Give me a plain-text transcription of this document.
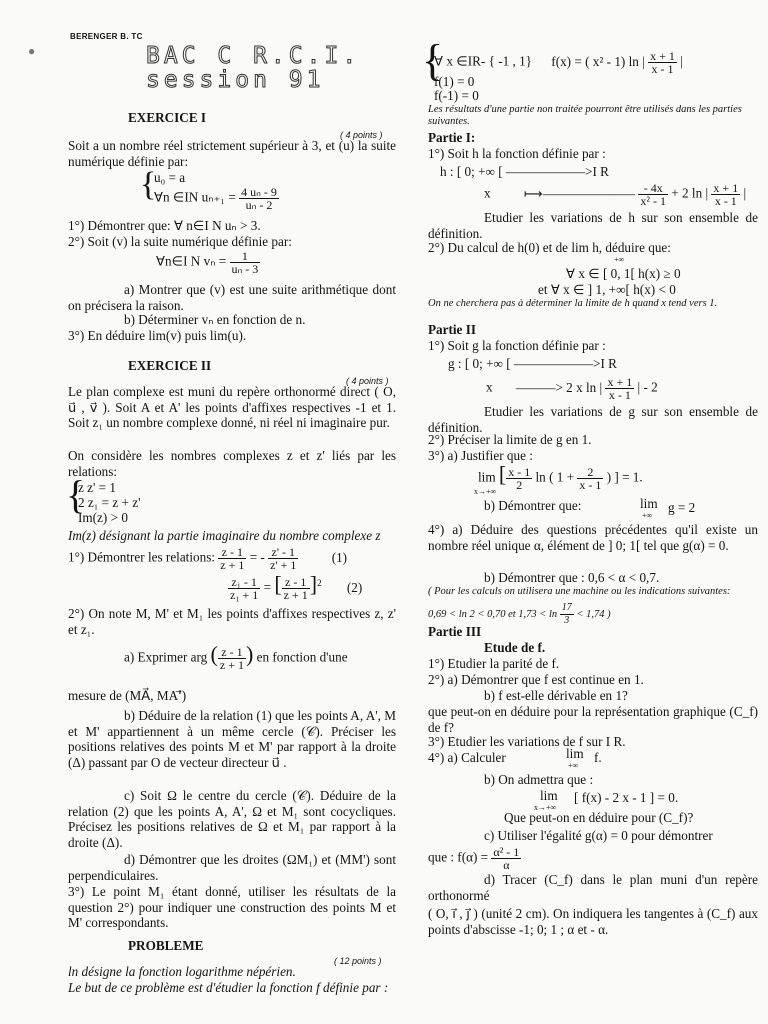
BERENGER B. TC
●	BAC C R.C.I.
session 91
EXERCICE I
( 4 points )
Soit a un nombre réel strictement supérieur à 3, et (u) la suite numérique définie par:
{
u₀ = a
∀n ∈IN $u_{n+1} = \frac{\text{4 uₙ - 9}}{\text{uₙ - 2}}$
1°) Démontrer que: ∀ n∈I N uₙ > 3.
2°) Soit (v) la suite numérique définie par:
∀n∈I N $v_n = \frac{1}{\text{uₙ - 3}}$
a) Montrer que (v) est une suite arithmétique dont on précisera la raison.
b) Déterminer vₙ en fonction de n.
3°) En déduire lim(v) puis lim(u).
EXERCICE II
( 4 points )
Le plan complexe est muni du repère orthonormé direct ( O, u⃗ , v⃗ ). Soit A et A' les points d'affixes respectives -1 et 1. Soit z₁ un nombre complexe donné, ni réel ni imaginaire pur.
On considère les nombres complexes z et z' liés par les relations:
{
z z' = 1
2 z₁ = z + z'
Im(z) > 0
Im(z) désignant la partie imaginaire du nombre complexe z
1°) Démontrer les relations: $\frac{z - 1}{z + 1}$ = - $\frac{z' - 1}{z' + 1}$	(1)
$\frac{\text{z₁ - 1}}{\text{z₁ + 1}}$ = [ $\frac{z - 1}{z + 1} ]^2$ (2)
2°) On note M, M' et M₁ les points d'affixes respectives z, z' et z₁.
a) Exprimer arg ( $\frac{z - 1}{z + 1}$ ) en fonction d'une
mesure de (MA⃗, MA'⃗)
b) Déduire de la relation (1) que les points A, A', M et M' appartiennent à un même cercle (𝒞). Préciser les positions relatives des points M et M' par rapport à la droite (Δ) passant par O de vecteur directeur u⃗ .
c) Soit Ω le centre du cercle (𝒞). Déduire de la relation (2) que les points A, A', Ω et M₁ sont cocycliques. Précisez les positions relatives de Ω et M₁ par rapport à la droite (Δ).
d) Démontrer que les droites (ΩM₁) et (MM') sont perpendiculaires.
3°) Le point M₁ étant donné, utiliser les résultats de la question 2°) pour indiquer une construction des points M et M' correspondants.
PROBLEME
( 12 points )
ln désigne la fonction logarithme népérien.
Le but de ce problème est d'étudier la fonction f définie par :
{
∀ x ∈IR- { -1 , 1} f(x) = ( x² - 1) ln | $\frac{x + 1}{x - 1}$ |
f(1) = 0
f(-1) = 0
Les résultats d'une partie non traitée pourront être utilisés dans les parties suivantes.
Partie I:
1°) Soit h la fonction définie par :
h : [ 0; +∞ [ ——————>I R
x	⟼——————— $\frac{- 4x}{\text{x² - 1}} + 2$ ln | $\frac{x + 1}{x - 1}$ |
Etudier les variations de h sur son ensemble de définition.
2°) Du calcul de h(0) et de lim h, déduire que:
+∞
∀ x ∈ [ 0, 1[ h(x) ≥ 0
et ∀ x ∈ ] 1, +∞[ h(x) < 0
On ne cherchera pas à déterminer la limite de h quand x tend vers 1.
Partie II
1°) Soit g la fonction définie par :
g : [ 0; +∞ [ ——————>I R
x ———> 2 x ln | $\frac{x + 1}{x - 1}$ | - 2
Etudier les variations de g sur son ensemble de définition.
2°) Préciser la limite de g en 1.
3°) a) Justifier que :
lim [ $\frac{x - 1}{2}$ ln ( $1 + \frac{2}{x - 1}$ ) ] = 1.
x→+∞
b) Démontrer que:	lim
+∞
g = 2
4°) a) Déduire des questions précédentes qu'il existe un nombre réel unique α, élément de ] 0; 1[ tel que g(α) = 0.
b) Démontrer que : 0,6 < α < 0,7.
( Pour les calculs on utilisera une machine ou les indications suivantes:
0,69 < ln 2 < 0,70 et $1,73 < \ln \frac{17}{3} < 1,74$ )
Partie III
Etude de f.
1°) Etudier la parité de f.
2°) a) Démontrer que f est continue en 1.
b) f est-elle dérivable en 1?
que peut-on en déduire pour la représentation graphique (C_f) de f?
3°) Etudier les variations de f sur I R.
4°) a) Calculer	lim
+∞
f.
b) On admettra que :
lim
x→+∞
[ f(x) - 2 x - 1 ] = 0.
Que peut-on en déduire pour (C_f)?
c) Utiliser l'égalité g(α) = 0 pour démontrer
que : $f(\alpha) = \frac{\text{α² - 1}}{\alpha}$
d) Tracer (C_f) dans le plan muni d'un repère orthonormé
( O, i⃗ , j⃗ ) (unité 2 cm). On indiquera les tangentes à (C_f) aux points d'abscisse -1; 0; 1 ; α et - α.
